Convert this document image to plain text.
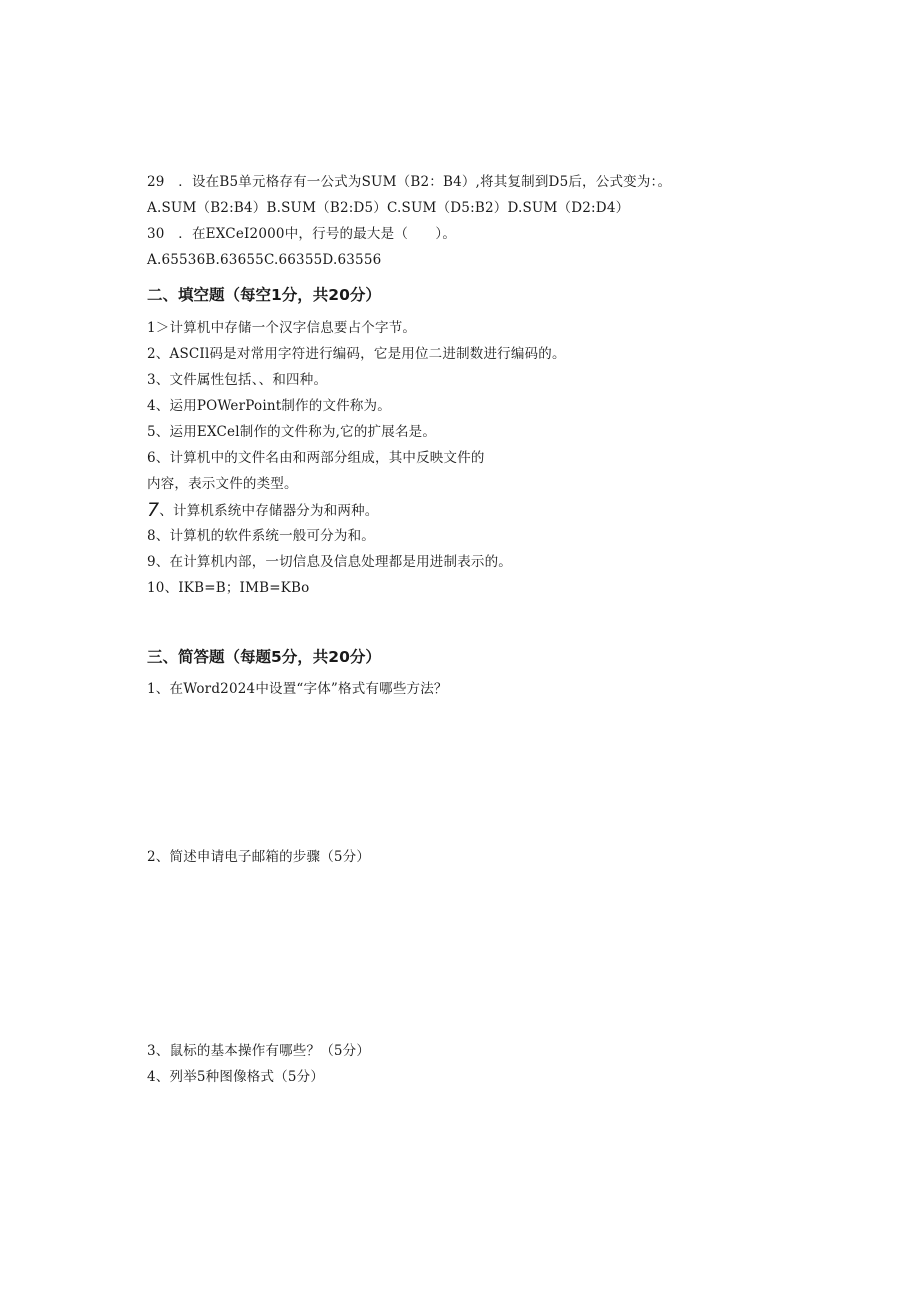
29　．设在B5单元格存有一公式为SUM（B2：B4）,将其复制到D5后，公式变为：。
A.SUM（B2:B4）B.SUM（B2:D5）C.SUM（D5:B2）D.SUM（D2:D4）
30　．在EXCeI2000中，行号的最大是（　　）。
A.65536B.63655C.66355D.63556
二、填空题（每空1分，共20分）
1＞计算机中存储一个汉字信息要占个字节。
2、ASCIl码是对常用字符进行编码，它是用位二进制数进行编码的。
3、文件属性包括、、和四种。
4、运用POWerPoint制作的文件称为。
5、运用EXCel制作的文件称为,它的扩展名是。
6、计算机中的文件名由和两部分组成，其中反映文件的
内容，表示文件的类型。
7、计算机系统中存储器分为和两种。
8、计算机的软件系统一般可分为和。
9、在计算机内部，一切信息及信息处理都是用进制表示的。
10、IKB=B；IMB=KBo
三、简答题（每题5分，共20分）
1、在Word2024中设置“字体”格式有哪些方法？
2、简述申请电子邮箱的步骤（5分）
3、鼠标的基本操作有哪些？（5分）
4、列举5种图像格式（5分）
